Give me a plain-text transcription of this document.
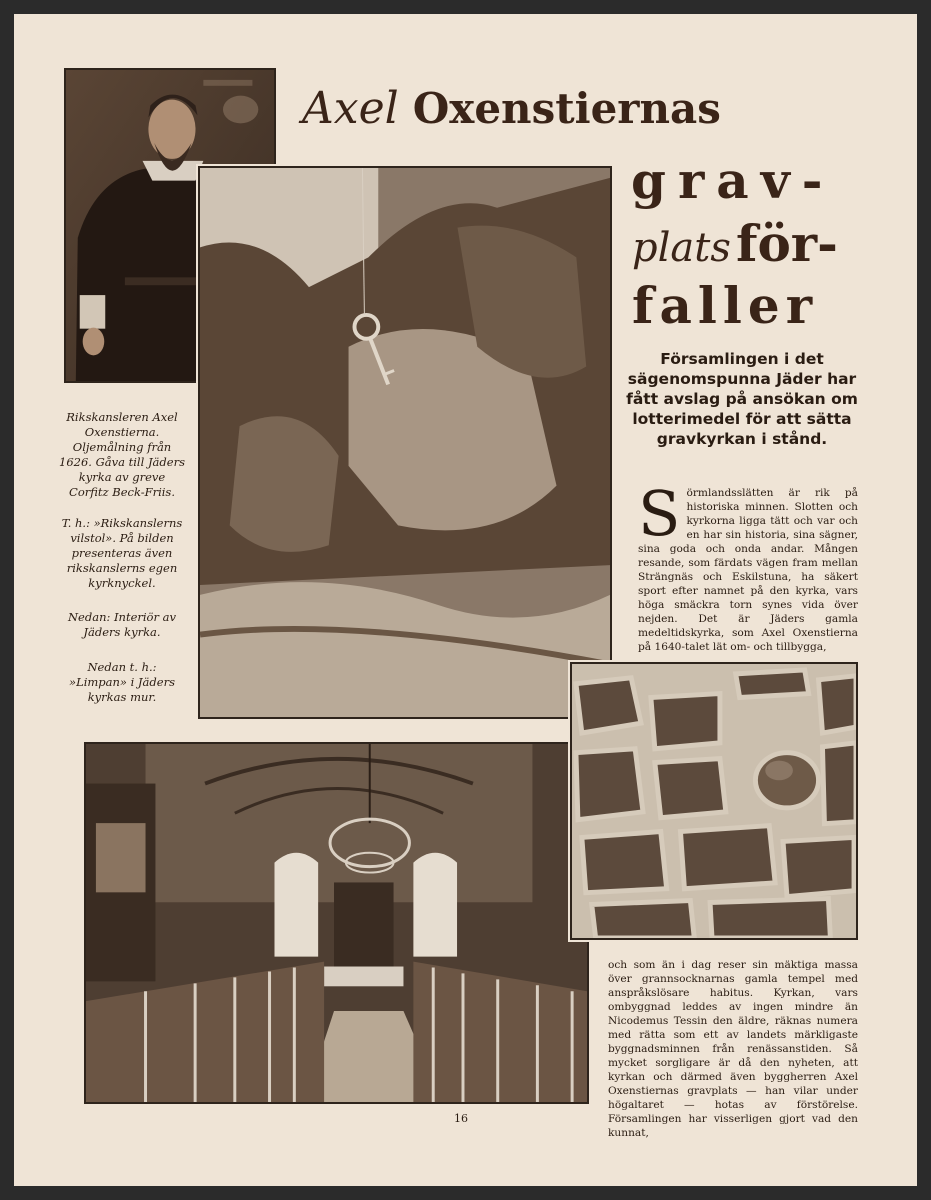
Axel Oxenstiernas
grav-
plats för-
faller
Församlingen i det sägenomspunna Jäder har fått avslag på ansökan om lotterimedel för att sätta gravkyrkan i stånd.
Rikskansleren Axel Oxenstierna. Oljemålning från 1626. Gåva till Jäders kyrka av greve Corfitz Beck-Friis.
T. h.: »Rikskanslerns vilstol». På bilden presenteras även rikskanslerns egen kyrknyckel.
Nedan: Interiör av Jäders kyrka.
Nedan t. h.: »Limpan» i Jäders kyrkas mur.
Sörmlandsslätten är rik på historiska minnen. Slotten och kyrkorna ligga tätt och var och en har sin historia, sina sägner, sina goda och onda andar. Mången resande, som färdats vägen fram mellan Strängnäs och Eskilstuna, ha säkert sport efter namnet på den kyrka, vars höga smäckra torn synes vida över nejden. Det är Jäders gamla medeltidskyrka, som Axel Oxenstierna på 1640-talet lät om- och tillbygga,
och som än i dag reser sin mäktiga massa över grannsocknarnas gamla tempel med anspråkslösare habitus. Kyrkan, vars ombyggnad leddes av ingen mindre än Nicodemus Tessin den äldre, räknas numera med rätta som ett av landets märkligaste byggnadsminnen från renässanstiden. Så mycket sorgligare är då den nyheten, att kyrkan och därmed även byggherren Axel Oxenstiernas gravplats — han vilar under högaltaret — hotas av förstörelse. Församlingen har visserligen gjort vad den kunnat,
16
